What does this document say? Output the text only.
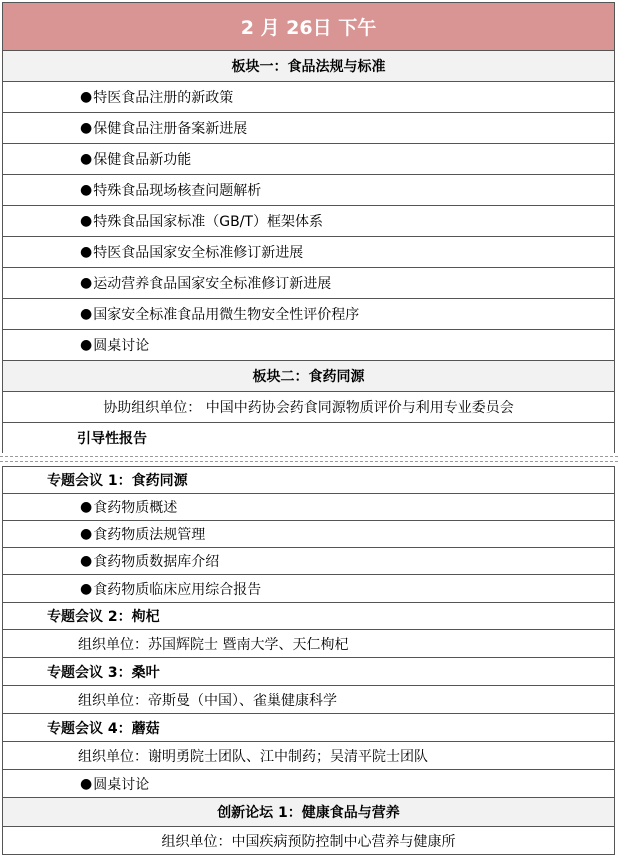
2 月 26日 下午
板块一：食品法规与标准
● 特医食品注册的新政策
● 保健食品注册备案新进展
● 保健食品新功能
● 特殊食品现场核查问题解析
● 特殊食品国家标准（GB/T）框架体系
● 特医食品国家安全标准修订新进展
● 运动营养食品国家安全标准修订新进展
● 国家安全标准食品用微生物安全性评价程序
● 圆桌讨论
板块二：食药同源
协助组织单位： 中国中药协会药食同源物质评价与利用专业委员会
引导性报告
专题会议 1：食药同源
● 食药物质概述
● 食药物质法规管理
● 食药物质数据库介绍
● 食药物质临床应用综合报告
专题会议 2：枸杞
组织单位：苏国辉院士 暨南大学、天仁枸杞
专题会议 3：桑叶
组织单位：帝斯曼（中国）、雀巢健康科学
专题会议 4：蘑菇
组织单位：谢明勇院士团队、江中制药；吴清平院士团队
● 圆桌讨论
创新论坛 1：健康食品与营养
组织单位：中国疾病预防控制中心营养与健康所
